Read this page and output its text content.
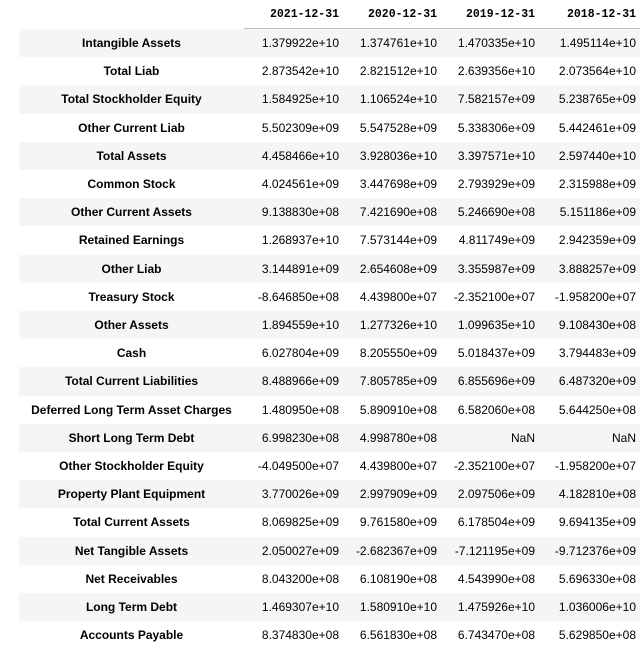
	2021-12-31	2020-12-31	2019-12-31	2018-12-31
Intangible Assets	1.379922e+10	1.374761e+10	1.470335e+10	1.495114e+10
Total Liab	2.873542e+10	2.821512e+10	2.639356e+10	2.073564e+10
Total Stockholder Equity	1.584925e+10	1.106524e+10	7.582157e+09	5.238765e+09
Other Current Liab	5.502309e+09	5.547528e+09	5.338306e+09	5.442461e+09
Total Assets	4.458466e+10	3.928036e+10	3.397571e+10	2.597440e+10
Common Stock	4.024561e+09	3.447698e+09	2.793929e+09	2.315988e+09
Other Current Assets	9.138830e+08	7.421690e+08	5.246690e+08	5.151186e+09
Retained Earnings	1.268937e+10	7.573144e+09	4.811749e+09	2.942359e+09
Other Liab	3.144891e+09	2.654608e+09	3.355987e+09	3.888257e+09
Treasury Stock	-8.646850e+08	4.439800e+07	-2.352100e+07	-1.958200e+07
Other Assets	1.894559e+10	1.277326e+10	1.099635e+10	9.108430e+08
Cash	6.027804e+09	8.205550e+09	5.018437e+09	3.794483e+09
Total Current Liabilities	8.488966e+09	7.805785e+09	6.855696e+09	6.487320e+09
Deferred Long Term Asset Charges	1.480950e+08	5.890910e+08	6.582060e+08	5.644250e+08
Short Long Term Debt	6.998230e+08	4.998780e+08	NaN	NaN
Other Stockholder Equity	-4.049500e+07	4.439800e+07	-2.352100e+07	-1.958200e+07
Property Plant Equipment	3.770026e+09	2.997909e+09	2.097506e+09	4.182810e+08
Total Current Assets	8.069825e+09	9.761580e+09	6.178504e+09	9.694135e+09
Net Tangible Assets	2.050027e+09	-2.682367e+09	-7.121195e+09	-9.712376e+09
Net Receivables	8.043200e+08	6.108190e+08	4.543990e+08	5.696330e+08
Long Term Debt	1.469307e+10	1.580910e+10	1.475926e+10	1.036006e+10
Accounts Payable	8.374830e+08	6.561830e+08	6.743470e+08	5.629850e+08
